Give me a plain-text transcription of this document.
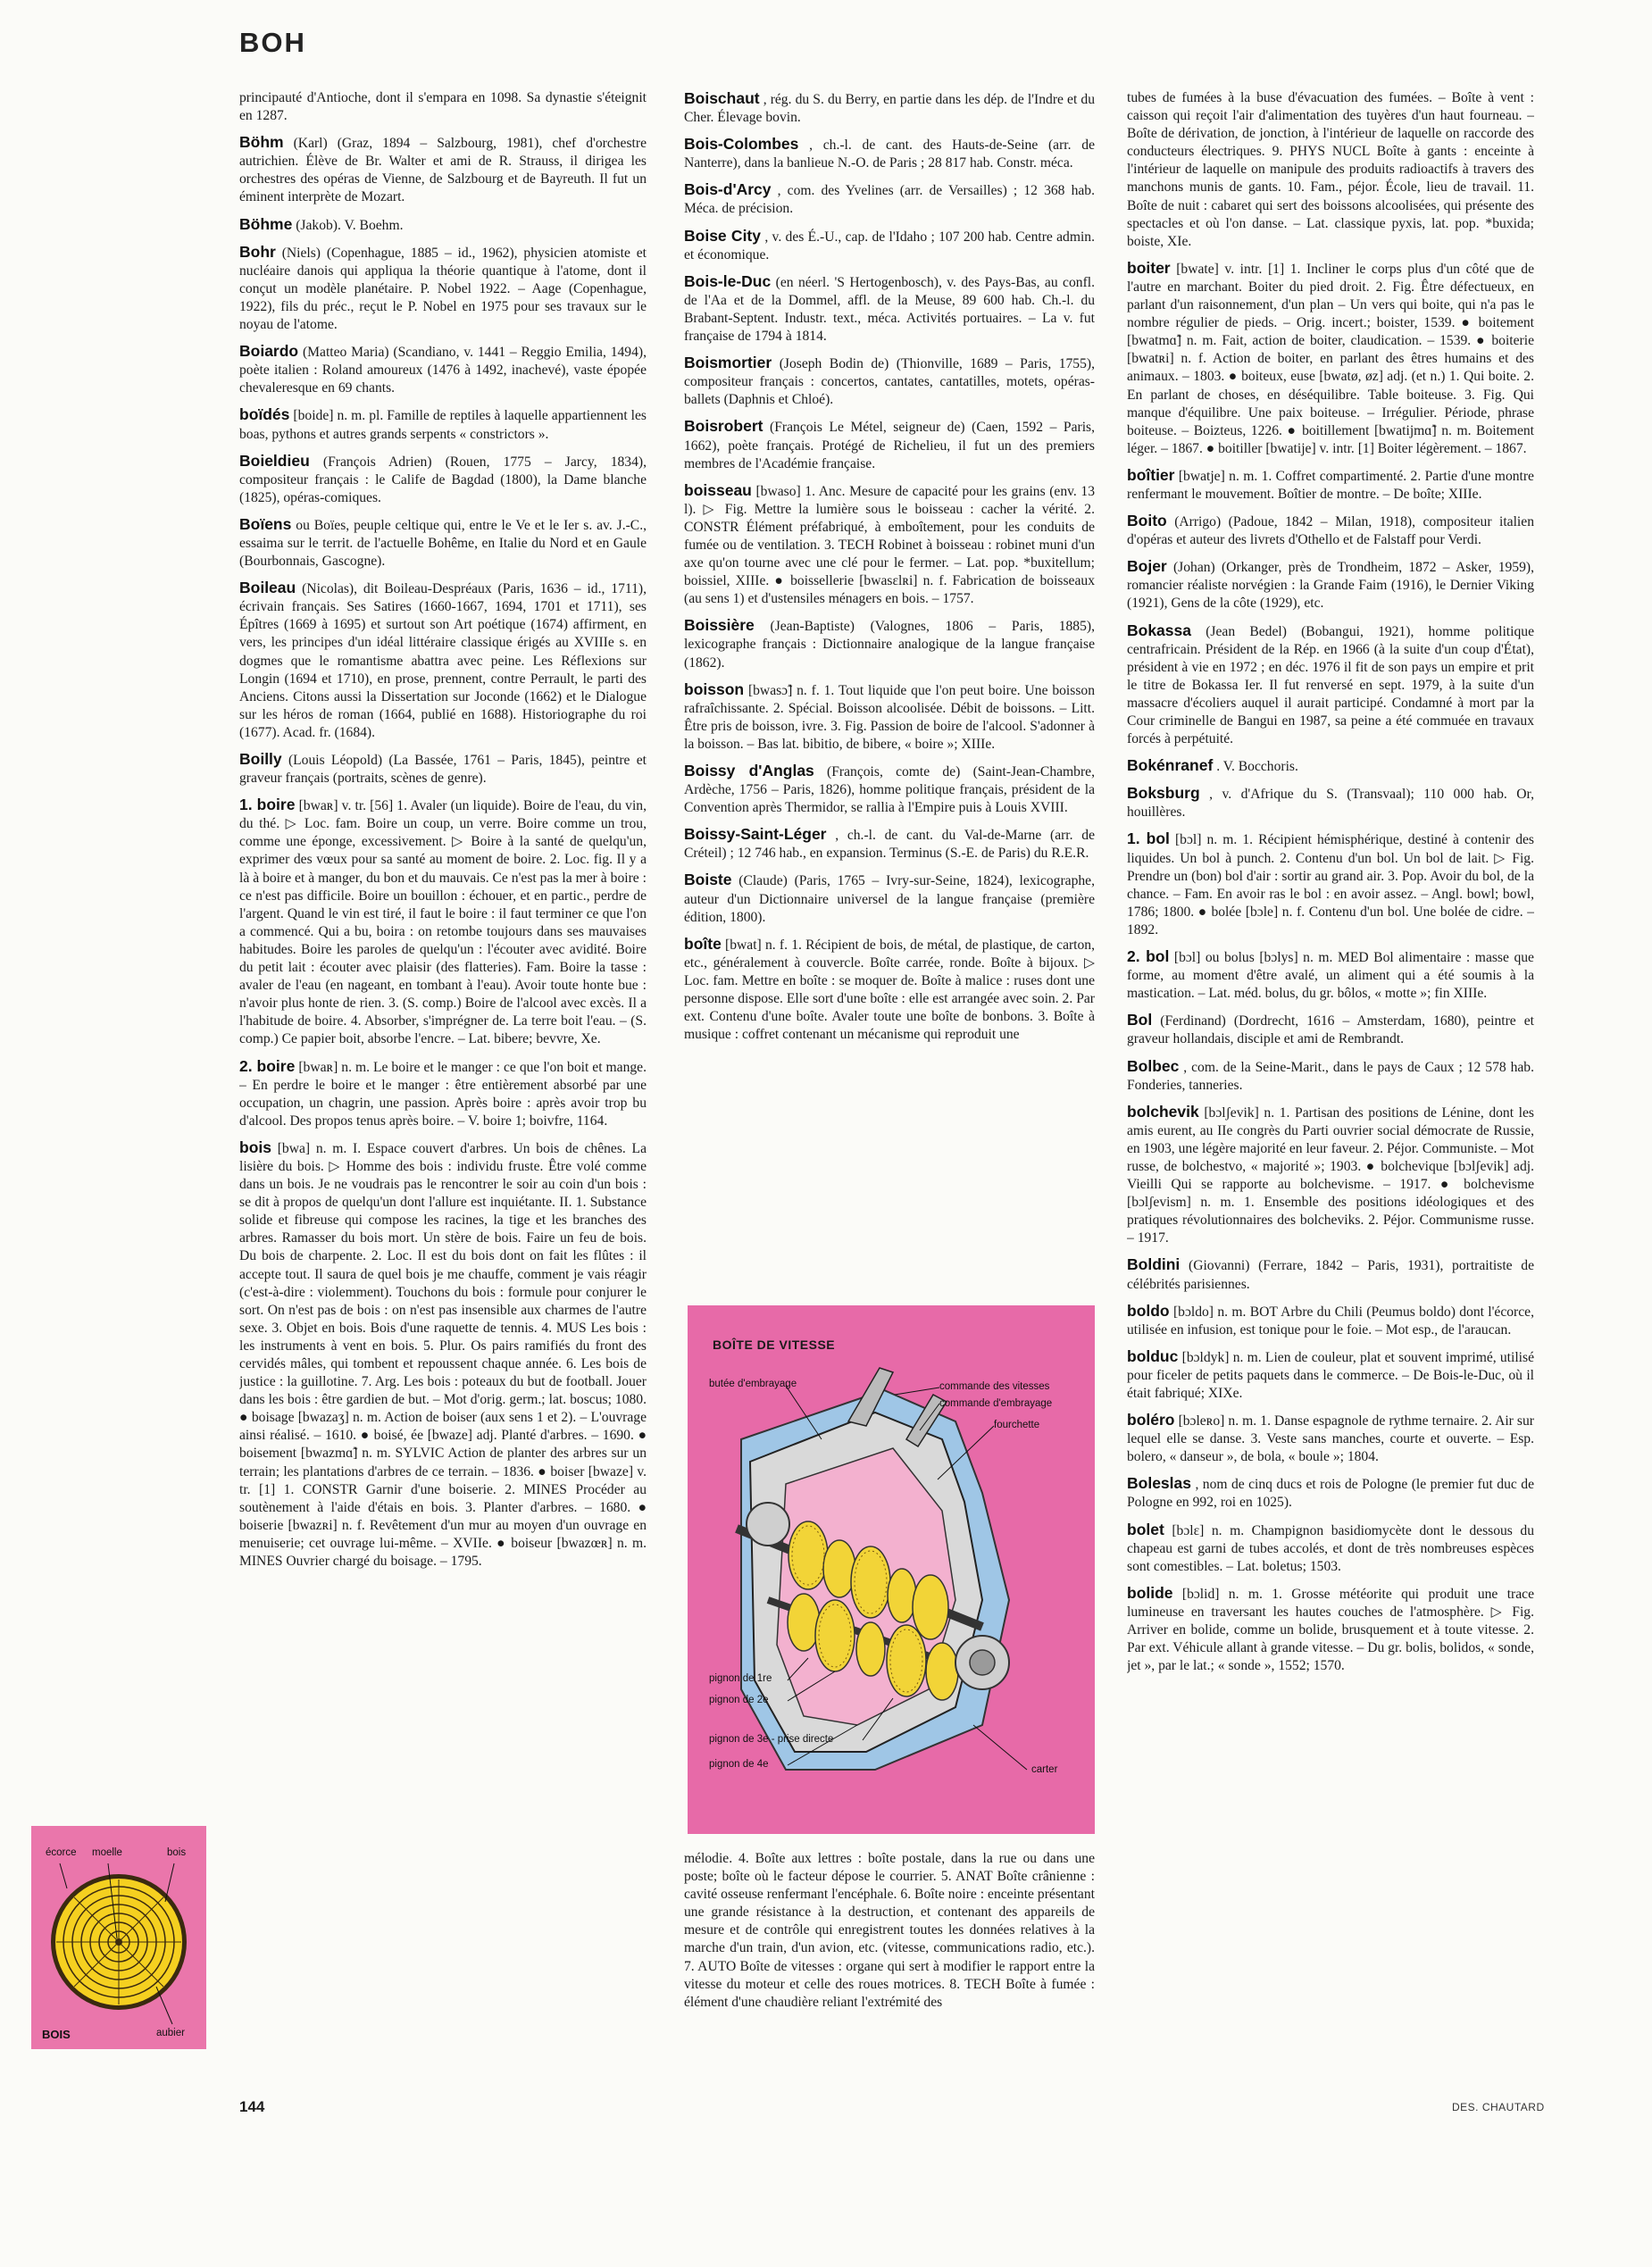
BOH
principauté d'Antioche, dont il s'empara en 1098. Sa dynastie s'éteignit en 1287.
Böhm (Karl) (Graz, 1894 – Salzbourg, 1981), chef d'orchestre autrichien. Élève de Br. Walter et ami de R. Strauss, il dirigea les orchestres des opéras de Vienne, de Salzbourg et de Bayreuth. Il fut un éminent interprète de Mozart.
Böhme (Jakob). V. Boehm.
Bohr (Niels) (Copenhague, 1885 – id., 1962), physicien atomiste et nucléaire danois qui appliqua la théorie quantique à l'atome, dont il conçut un modèle planétaire. P. Nobel 1922. – Aage (Copenhague, 1922), fils du préc., reçut le P. Nobel en 1975 pour ses travaux sur le noyau de l'atome.
Boiardo (Matteo Maria) (Scandiano, v. 1441 – Reggio Emilia, 1494), poète italien : Roland amoureux (1476 à 1492, inachevé), vaste épopée chevaleresque en 69 chants.
boïdés [boide] n. m. pl. Famille de reptiles à laquelle appartiennent les boas, pythons et autres grands serpents « constrictors ».
Boieldieu (François Adrien) (Rouen, 1775 – Jarcy, 1834), compositeur français : le Calife de Bagdad (1800), la Dame blanche (1825), opéras-comiques.
Boïens ou Boïes, peuple celtique qui, entre le Ve et le Ier s. av. J.-C., essaima sur le territ. de l'actuelle Bohême, en Italie du Nord et en Gaule (Bourbonnais, Gascogne).
Boileau (Nicolas), dit Boileau-Despréaux (Paris, 1636 – id., 1711), écrivain français. Ses Satires (1660-1667, 1694, 1701 et 1711), ses Épîtres (1669 à 1695) et surtout son Art poétique (1674) affirment, en vers, les principes d'un idéal littéraire classique érigés au XVIIIe s. en dogmes que le romantisme abattra avec peine. Les Réflexions sur Longin (1694 et 1710), en prose, prennent, contre Perrault, le parti des Anciens. Citons aussi la Dissertation sur Joconde (1662) et le Dialogue sur les héros de roman (1664, publié en 1688). Historiographe du roi (1677). Acad. fr. (1684).
Boilly (Louis Léopold) (La Bassée, 1761 – Paris, 1845), peintre et graveur français (portraits, scènes de genre).
1. boire [bwaʀ] v. tr. [56] 1. Avaler (un liquide). Boire de l'eau, du vin, du thé. ▷ Loc. fam. Boire un coup, un verre. Boire comme un trou, comme une éponge, excessivement. ▷ Boire à la santé de quelqu'un, exprimer des vœux pour sa santé au moment de boire. 2. Loc. fig. Il y a là à boire et à manger, du bon et du mauvais. Ce n'est pas la mer à boire : ce n'est pas difficile. Boire un bouillon : échouer, et en partic., perdre de l'argent. Quand le vin est tiré, il faut le boire : il faut terminer ce que l'on a commencé. Qui a bu, boira : on retombe toujours dans ses mauvaises habitudes. Boire les paroles de quelqu'un : l'écouter avec avidité. Boire du petit lait : écouter avec plaisir (des flatteries). Fam. Boire la tasse : avaler de l'eau (en nageant, en tombant à l'eau). Avoir toute honte bue : n'avoir plus honte de rien. 3. (S. comp.) Boire de l'alcool avec excès. Il a l'habitude de boire. 4. Absorber, s'imprégner de. La terre boit l'eau. – (S. comp.) Ce papier boit, absorbe l'encre. – Lat. bibere; bevvre, Xe.
2. boire [bwaʀ] n. m. Le boire et le manger : ce que l'on boit et mange. – En perdre le boire et le manger : être entièrement absorbé par une occupation, un chagrin, une passion. Après boire : après avoir trop bu d'alcool. Des propos tenus après boire. – V. boire 1; boivfre, 1164.
bois [bwa] n. m. I. Espace couvert d'arbres. Un bois de chênes. La lisière du bois. ▷ Homme des bois : individu fruste. Être volé comme dans un bois. Je ne voudrais pas le rencontrer le soir au coin d'un bois : se dit à propos de quelqu'un dont l'allure est inquiétante. II. 1. Substance solide et fibreuse qui compose les racines, la tige et les branches des arbres. Ramasser du bois mort. Un stère de bois. Faire un feu de bois. Du bois de charpente. 2. Loc. Il est du bois dont on fait les flûtes : il accepte tout. Il saura de quel bois je me chauffe, comment je vais réagir (c'est-à-dire : violemment). Touchons du bois : formule pour conjurer le sort. On n'est pas de bois : on n'est pas insensible aux charmes de l'autre sexe. 3. Objet en bois. Bois d'une raquette de tennis. 4. MUS Les bois : les instruments à vent en bois. 5. Plur. Os pairs ramifiés du front des cervidés mâles, qui tombent et repoussent chaque année. 6. Les bois de justice : la guillotine. 7. Arg. Les bois : poteaux du but de football. Jouer dans les bois : être gardien de but. – Mot d'orig. germ.; lat. boscus; 1080. ● boisage [bwazaʒ] n. m. Action de boiser (aux sens 1 et 2). – L'ouvrage ainsi réalisé. – 1610. ● boisé, ée [bwaze] adj. Planté d'arbres. – 1690. ● boisement [bwazmɑ̃] n. m. SYLVIC Action de planter des arbres sur un terrain; les plantations d'arbres de ce terrain. – 1836. ● boiser [bwaze] v. tr. [1] 1. CONSTR Garnir d'une boiserie. 2. MINES Procéder au soutènement à l'aide d'étais en bois. 3. Planter d'arbres. – 1680. ● boiserie [bwazʀi] n. f. Revêtement d'un mur au moyen d'un ouvrage en menuiserie; cet ouvrage lui-même. – XVIIe. ● boiseur [bwazœʀ] n. m. MINES Ouvrier chargé du boisage. – 1795.
Boischaut , rég. du S. du Berry, en partie dans les dép. de l'Indre et du Cher. Élevage bovin.
Bois-Colombes , ch.-l. de cant. des Hauts-de-Seine (arr. de Nanterre), dans la banlieue N.-O. de Paris ; 28 817 hab. Constr. méca.
Bois-d'Arcy , com. des Yvelines (arr. de Versailles) ; 12 368 hab. Méca. de précision.
Boise City , v. des É.-U., cap. de l'Idaho ; 107 200 hab. Centre admin. et économique.
Bois-le-Duc (en néerl. 'S Hertogenbosch), v. des Pays-Bas, au confl. de l'Aa et de la Dommel, affl. de la Meuse, 89 600 hab. Ch.-l. du Brabant-Septent. Industr. text., méca. Activités portuaires. – La v. fut française de 1794 à 1814.
Boismortier (Joseph Bodin de) (Thionville, 1689 – Paris, 1755), compositeur français : concertos, cantates, cantatilles, motets, opéras-ballets (Daphnis et Chloé).
Boisrobert (François Le Métel, seigneur de) (Caen, 1592 – Paris, 1662), poète français. Protégé de Richelieu, il fut un des premiers membres de l'Académie française.
boisseau [bwaso] 1. Anc. Mesure de capacité pour les grains (env. 13 l). ▷ Fig. Mettre la lumière sous le boisseau : cacher la vérité. 2. CONSTR Élément préfabriqué, à emboîtement, pour les conduits de fumée ou de ventilation. 3. TECH Robinet à boisseau : robinet muni d'un axe qu'on tourne avec une clé pour le fermer. – Lat. pop. *buxitellum; boissiel, XIIIe. ● boissellerie [bwasɛlʀi] n. f. Fabrication de boisseaux (au sens 1) et d'ustensiles ménagers en bois. – 1757.
Boissière (Jean-Baptiste) (Valognes, 1806 – Paris, 1885), lexicographe français : Dictionnaire analogique de la langue française (1862).
boisson [bwasɔ̃] n. f. 1. Tout liquide que l'on peut boire. Une boisson rafraîchissante. 2. Spécial. Boisson alcoolisée. Débit de boissons. – Litt. Être pris de boisson, ivre. 3. Fig. Passion de boire de l'alcool. S'adonner à la boisson. – Bas lat. bibitio, de bibere, « boire »; XIIIe.
Boissy d'Anglas (François, comte de) (Saint-Jean-Chambre, Ardèche, 1756 – Paris, 1826), homme politique français, président de la Convention après Thermidor, se rallia à l'Empire puis à Louis XVIII.
Boissy-Saint-Léger , ch.-l. de cant. du Val-de-Marne (arr. de Créteil) ; 12 746 hab., en expansion. Terminus (S.-E. de Paris) du R.E.R.
Boiste (Claude) (Paris, 1765 – Ivry-sur-Seine, 1824), lexicographe, auteur d'un Dictionnaire universel de la langue française (première édition, 1800).
boîte [bwat] n. f. 1. Récipient de bois, de métal, de plastique, de carton, etc., généralement à couvercle. Boîte carrée, ronde. Boîte à bijoux. ▷ Loc. fam. Mettre en boîte : se moquer de. Boîte à malice : ruses dont une personne dispose. Elle sort d'une boîte : elle est arrangée avec soin. 2. Par ext. Contenu d'une boîte. Avaler toute une boîte de bonbons. 3. Boîte à musique : coffret contenant un mécanisme qui reproduit une
mélodie. 4. Boîte aux lettres : boîte postale, dans la rue ou dans une poste; boîte où le facteur dépose le courrier. 5. ANAT Boîte crânienne : cavité osseuse renfermant l'encéphale. 6. Boîte noire : enceinte présentant une grande résistance à la destruction, et contenant des appareils de mesure et de contrôle qui enregistrent toutes les données relatives à la marche d'un train, d'un avion, etc. (vitesse, communications radio, etc.). 7. AUTO Boîte de vitesses : organe qui sert à modifier le rapport entre la vitesse du moteur et celle des roues motrices. 8. TECH Boîte à fumée : élément d'une chaudière reliant l'extrémité des
tubes de fumées à la buse d'évacuation des fumées. – Boîte à vent : caisson qui reçoit l'air d'alimentation des tuyères d'un haut fourneau. – Boîte de dérivation, de jonction, à l'intérieur de laquelle on raccorde des conducteurs électriques. 9. PHYS NUCL Boîte à gants : enceinte à l'intérieur de laquelle on manipule des produits radioactifs à travers des manchons munis de gants. 10. Fam., péjor. École, lieu de travail. 11. Boîte de nuit : cabaret qui sert des boissons alcoolisées, qui présente des spectacles et où l'on danse. – Lat. classique pyxis, lat. pop. *buxida; boiste, XIe.
boiter [bwate] v. intr. [1] 1. Incliner le corps plus d'un côté que de l'autre en marchant. Boiter du pied droit. 2. Fig. Être défectueux, en parlant d'un raisonnement, d'un plan – Un vers qui boite, qui n'a pas le nombre régulier de pieds. – Orig. incert.; boister, 1539. ● boitement [bwatmɑ̃] n. m. Fait, action de boiter, claudication. – 1539. ● boiterie [bwatʀi] n. f. Action de boiter, en parlant des êtres humains et des animaux. – 1803. ● boiteux, euse [bwatø, øz] adj. (et n.) 1. Qui boite. 2. En parlant de choses, en déséquilibre. Table boiteuse. 3. Fig. Qui manque d'équilibre. Une paix boiteuse. – Irrégulier. Période, phrase boiteuse. – Boizteus, 1226. ● boitillement [bwatijmɑ̃] n. m. Boitement léger. – 1867. ● boitiller [bwatije] v. intr. [1] Boiter légèrement. – 1867.
boîtier [bwatje] n. m. 1. Coffret compartimenté. 2. Partie d'une montre renfermant le mouvement. Boîtier de montre. – De boîte; XIIIe.
Boito (Arrigo) (Padoue, 1842 – Milan, 1918), compositeur italien d'opéras et auteur des livrets d'Othello et de Falstaff pour Verdi.
Bojer (Johan) (Orkanger, près de Trondheim, 1872 – Asker, 1959), romancier réaliste norvégien : la Grande Faim (1916), le Dernier Viking (1921), Gens de la côte (1929), etc.
Bokassa (Jean Bedel) (Bobangui, 1921), homme politique centrafricain. Président de la Rép. en 1966 (à la suite d'un coup d'État), président à vie en 1972 ; en déc. 1976 il fit de son pays un empire et prit le titre de Bokassa Ier. Il fut renversé en sept. 1979, à la suite d'un massacre d'écoliers auquel il aurait participé. Condamné à mort par la Cour criminelle de Bangui en 1987, sa peine a été commuée en travaux forcés à perpétuité.
Bokénranef . V. Bocchoris.
Boksburg , v. d'Afrique du S. (Transvaal); 110 000 hab. Or, houillères.
1. bol [bɔl] n. m. 1. Récipient hémisphérique, destiné à contenir des liquides. Un bol à punch. 2. Contenu d'un bol. Un bol de lait. ▷ Fig. Prendre un (bon) bol d'air : sortir au grand air. 3. Pop. Avoir du bol, de la chance. – Fam. En avoir ras le bol : en avoir assez. – Angl. bowl; bowl, 1786; 1800. ● bolée [bɔle] n. f. Contenu d'un bol. Une bolée de cidre. – 1892.
2. bol [bɔl] ou bolus [bɔlys] n. m. MED Bol alimentaire : masse que forme, au moment d'être avalé, un aliment qui a été soumis à la mastication. – Lat. méd. bolus, du gr. bôlos, « motte »; fin XIIIe.
Bol (Ferdinand) (Dordrecht, 1616 – Amsterdam, 1680), peintre et graveur hollandais, disciple et ami de Rembrandt.
Bolbec , com. de la Seine-Marit., dans le pays de Caux ; 12 578 hab. Fonderies, tanneries.
bolchevik [bɔlʃevik] n. 1. Partisan des positions de Lénine, dont les amis eurent, au IIe congrès du Parti ouvrier social démocrate de Russie, en 1903, une légère majorité en leur faveur. 2. Péjor. Communiste. – Mot russe, de bolchestvo, « majorité »; 1903. ● bolchevique [bɔlʃevik] adj. Vieilli Qui se rapporte au bolchevisme. – 1917. ● bolchevisme [bɔlʃevism] n. m. 1. Ensemble des positions idéologiques et des pratiques révolutionnaires des bolcheviks. 2. Péjor. Communisme russe. – 1917.
Boldini (Giovanni) (Ferrare, 1842 – Paris, 1931), portraitiste de célébrités parisiennes.
boldo [bɔldo] n. m. BOT Arbre du Chili (Peumus boldo) dont l'écorce, utilisée en infusion, est tonique pour le foie. – Mot esp., de l'araucan.
bolduc [bɔldyk] n. m. Lien de couleur, plat et souvent imprimé, utilisé pour ficeler de petits paquets dans le commerce. – De Bois-le-Duc, où il était fabriqué; XIXe.
boléro [bɔleʀo] n. m. 1. Danse espagnole de rythme ternaire. 2. Air sur lequel elle se danse. 3. Veste sans manches, courte et ouverte. – Esp. bolero, « danseur », de bola, « boule »; 1804.
Boleslas , nom de cinq ducs et rois de Pologne (le premier fut duc de Pologne en 992, roi en 1025).
bolet [bɔlɛ] n. m. Champignon basidiomycète dont le dessous du chapeau est garni de tubes accolés, et dont de très nombreuses espèces sont comestibles. – Lat. boletus; 1503.
bolide [bɔlid] n. m. 1. Grosse météorite qui produit une trace lumineuse en traversant les hautes couches de l'atmosphère. ▷ Fig. Arriver en bolide, comme un bolide, brusquement et à toute vitesse. 2. Par ext. Véhicule allant à grande vitesse. – Du gr. bolis, bolidos, « sonde, jet », par le lat.; « sonde », 1552; 1570.
BOÎTE DE VITESSE
butée d'embrayage	commande des vitesses
commande d'embrayage
fourchette
pignon de 1re
pignon de 2e
pignon de 3e - prise directe
pignon de 4e	carter
écorce moelle	bois
aubier
BOIS
144	DES. CHAUTARD
